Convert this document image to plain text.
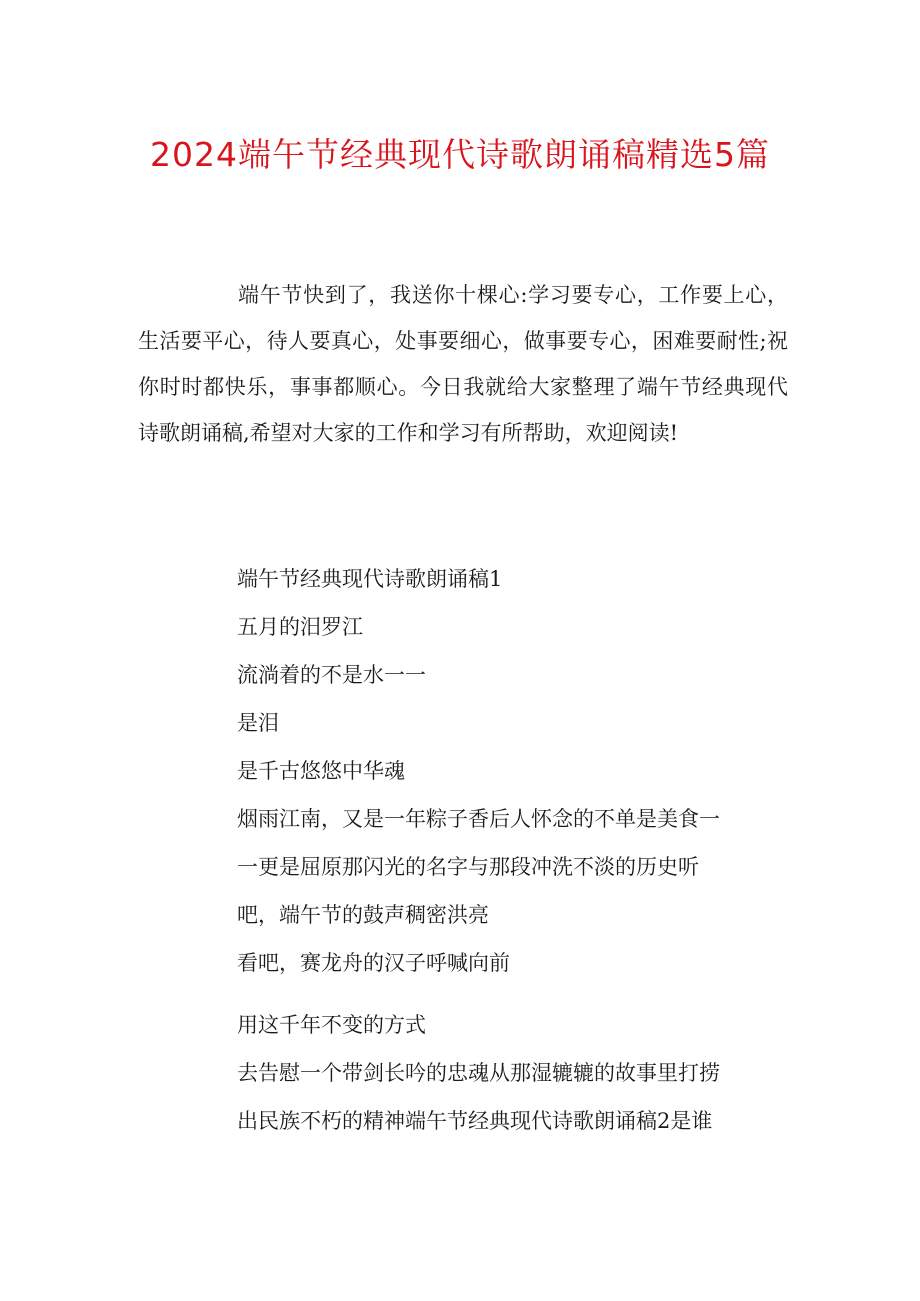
2024端午节经典现代诗歌朗诵稿精选5篇

端午节快到了，我送你十棵心:学习要专心，工作要上心，生活要平心，待人要真心，处事要细心，做事要专心，困难要耐性;祝你时时都快乐，事事都顺心。今日我就给大家整理了端午节经典现代诗歌朗诵稿,希望对大家的工作和学习有所帮助，欢迎阅读!

端午节经典现代诗歌朗诵稿1
五月的汨罗江
流淌着的不是水一一
是泪
是千古悠悠中华魂
烟雨江南，又是一年粽子香后人怀念的不单是美食一
一更是屈原那闪光的名字与那段冲洗不淡的历史听
吧，端午节的鼓声稠密洪亮
看吧，赛龙舟的汉子呼喊向前
用这千年不变的方式
去告慰一个带剑长吟的忠魂从那湿辘辘的故事里打捞
出民族不朽的精神端午节经典现代诗歌朗诵稿2是谁
